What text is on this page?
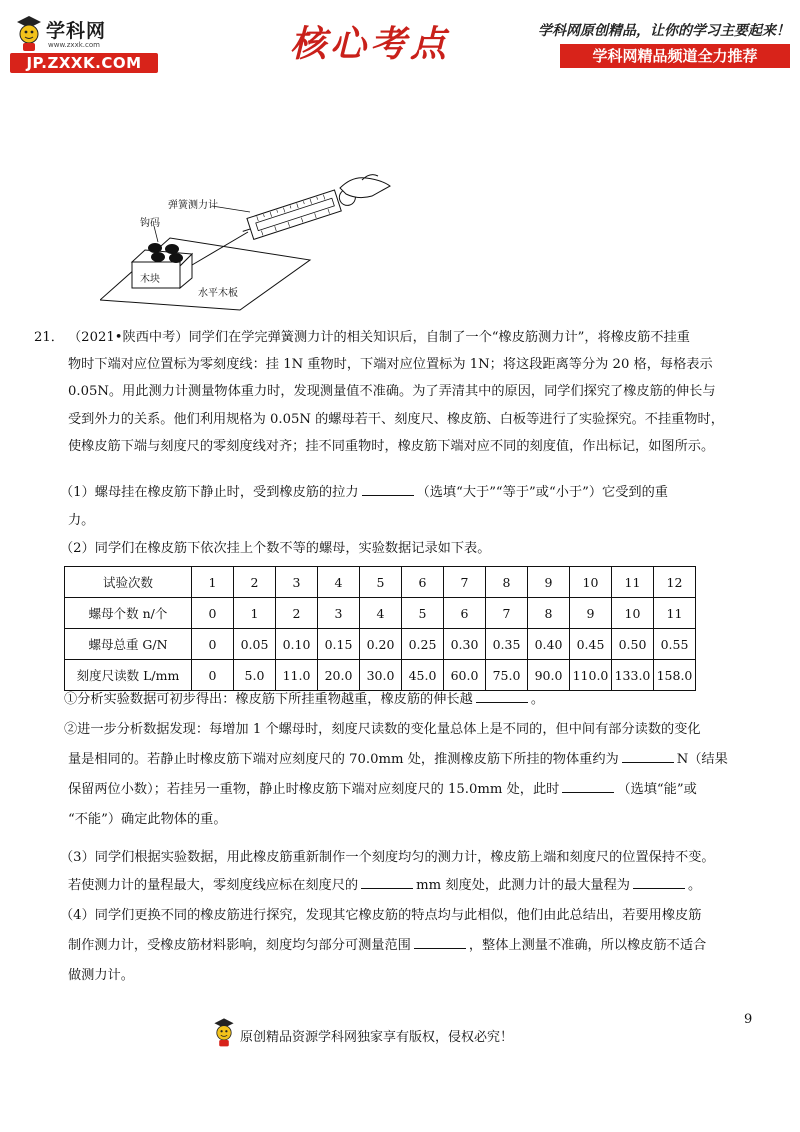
学科网
www.zxxk.com
JP.ZXXK.COM	核心考点	学科网原创精品，让你的学习主要起来！
学科网精品频道全力推荐
弹簧测力计
钩码
木块
水平木板
21． （2021•陕西中考）同学们在学完弹簧测力计的相关知识后，自制了一个“橡皮筋测力计”，将橡皮筋不挂重
物时下端对应位置标为零刻度线：挂 1N 重物时，下端对应位置标为 1N；将这段距离等分为 20 格，每格表示
0.05N。用此测力计测量物体重力时，发现测量值不准确。为了弄清其中的原因，同学们探究了橡皮筋的伸长与
受到外力的关系。他们利用规格为 0.05N 的螺母若干、刻度尺、橡皮筋、白板等进行了实验探究。不挂重物时，
使橡皮筋下端与刻度尺的零刻度线对齐；挂不同重物时，橡皮筋下端对应不同的刻度值，作出标记，如图所示。
（1）螺母挂在橡皮筋下静止时，受到橡皮筋的拉力	（选填“大于”“等于”或“小于”）它受到的重
力。
（2）同学们在橡皮筋下依次挂上个数不等的螺母，实验数据记录如下表。
试验次数	1	2	3	4	5	6	7	8	9	10	11	12
螺母个数 n/个	0	1	2	3	4	5	6	7	8	9	10	11
螺母总重 G/N	0	0.05	0.10	0.15	0.20	0.25	0.30	0.35	0.40	0.45	0.50	0.55
刻度尺读数 L/mm	0	5.0	11.0	20.0	30.0	45.0	60.0	75.0	90.0	110.0	133.0	158.0
①分析实验数据可初步得出：橡皮筋下所挂重物越重，橡皮筋的伸长越	。
②进一步分析数据发现：每增加 1 个螺母时，刻度尺读数的变化量总体上是不同的，但中间有部分读数的变化
量是相同的。若静止时橡皮筋下端对应刻度尺的 70.0mm 处，推测橡皮筋下所挂的物体重约为	N（结果
保留两位小数）；若挂另一重物，静止时橡皮筋下端对应刻度尺的 15.0mm 处，此时	（选填“能”或
“不能”）确定此物体的重。
（3）同学们根据实验数据，用此橡皮筋重新制作一个刻度均匀的测力计，橡皮筋上端和刻度尺的位置保持不变。
若使测力计的量程最大，零刻度线应标在刻度尺的	mm 刻度处，此测力计的最大量程为	。
（4）同学们更换不同的橡皮筋进行探究，发现其它橡皮筋的特点均与此相似，他们由此总结出，若要用橡皮筋
制作测力计，受橡皮筋材料影响，刻度均匀部分可测量范围	，整体上测量不准确，所以橡皮筋不适合
做测力计。
9
原创精品资源学科网独家享有版权，侵权必究！
